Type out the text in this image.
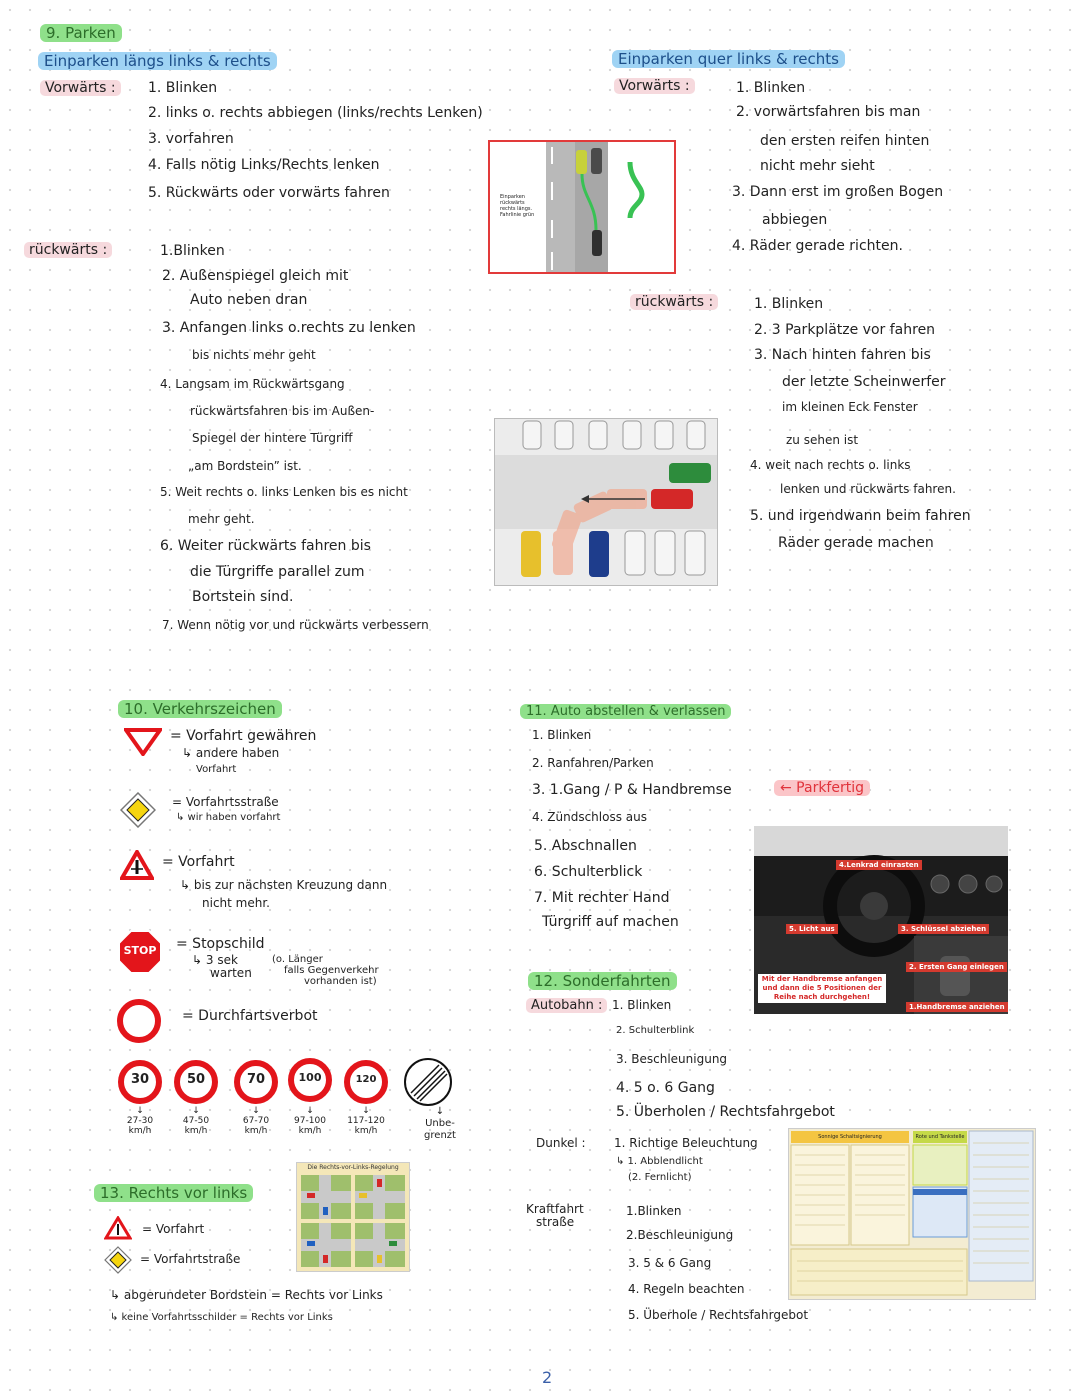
9. Parken
Einparken längs links & rechts
Vorwärts :	1. Blinken
2. links o. rechts abbiegen (links/rechts Lenken)
3. vorfahren
4. Falls nötig Links/Rechts lenken
5. Rückwärts oder vorwärts fahren
rückwärts :	1.Blinken
2. Außenspiegel gleich mit
Auto neben dran
3. Anfangen links o.rechts zu lenken
bis nichts mehr geht
4. Langsam im Rückwärtsgang
rückwärtsfahren bis im Außen-
Spiegel der hintere Türgriff
„am Bordstein” ist.
5. Weit rechts o. links Lenken bis es nicht
mehr geht.
6. Weiter rückwärts fahren bis
die Türgriffe parallel zum
Bortstein sind.
7. Wenn nötig vor und rückwärts verbessern
Einparken rückwärts rechts längs. Fahrlinie grün
Einparken quer links & rechts
Vorwärts :	1. Blinken
2. vorwärtsfahren bis man
den ersten reifen hinten
nicht mehr sieht
3. Dann erst im großen Bogen
abbiegen
4. Räder gerade richten.
rückwärts :	1. Blinken
2. 3 Parkplätze vor fahren
3. Nach hinten fahren bis
der letzte Scheinwerfer
im kleinen Eck Fenster
zu sehen ist
4. weit nach rechts o. links
lenken und rückwärts fahren.
5. und irgendwann beim fahren
Räder gerade machen
10. Verkehrszeichen
= Vorfahrt gewähren
↳ andere haben
Vorfahrt
= Vorfahrtsstraße
↳ wir haben vorfahrt
= Vorfahrt
↳ bis zur nächsten Kreuzung dann
nicht mehr.
STOP	= Stopschild
↳ 3 sek
warten
(o. Länger
falls Gegenverkehr
vorhanden ist)
= Durchfartsverbot
30	50	70	100	120
↓
27-30
km/h
↓
47-50
km/h
↓
67-70
km/h
↓
97-100
km/h
↓
117-120
km/h
↓
Unbe-
grenzt
13. Rechts vor links
Die Rechts-vor-Links-Regelung
= Vorfahrt
= Vorfahrtstraße
↳ abgerundeter Bordstein = Rechts vor Links
↳ keine Vorfahrtsschilder = Rechts vor Links
11. Auto abstellen & verlassen
1. Blinken
2. Ranfahren/Parken
3. 1.Gang / P & Handbremse	← Parkfertig
4. Zündschloss aus
5. Abschnallen
6. Schulterblick
7. Mit rechter Hand
Türgriff auf machen
4.Lenkrad einrasten
5. Licht aus	3. Schlüssel abziehen
2. Ersten Gang einlegen
1.Handbremse anziehen
Mit der Handbremse anfangen und dann die 5 Positionen der Reihe nach durchgehen!
12. Sonderfahrten
Autobahn : 1. Blinken
2. Schulterblink
3. Beschleunigung
4. 5 o. 6 Gang
5. Überholen / Rechtsfahrgebot
Dunkel : 1. Richtige Beleuchtung
↳ 1. Abblendlicht
(2. Fernlicht)
Kraftfahrt
straße
1.Blinken
2.Beschleunigung
3. 5 & 6 Gang
4. Regeln beachten
5. Überhole / Rechtsfahrgebot
Sonnige Schaltsignierung	Rote und Tankstelle
2
